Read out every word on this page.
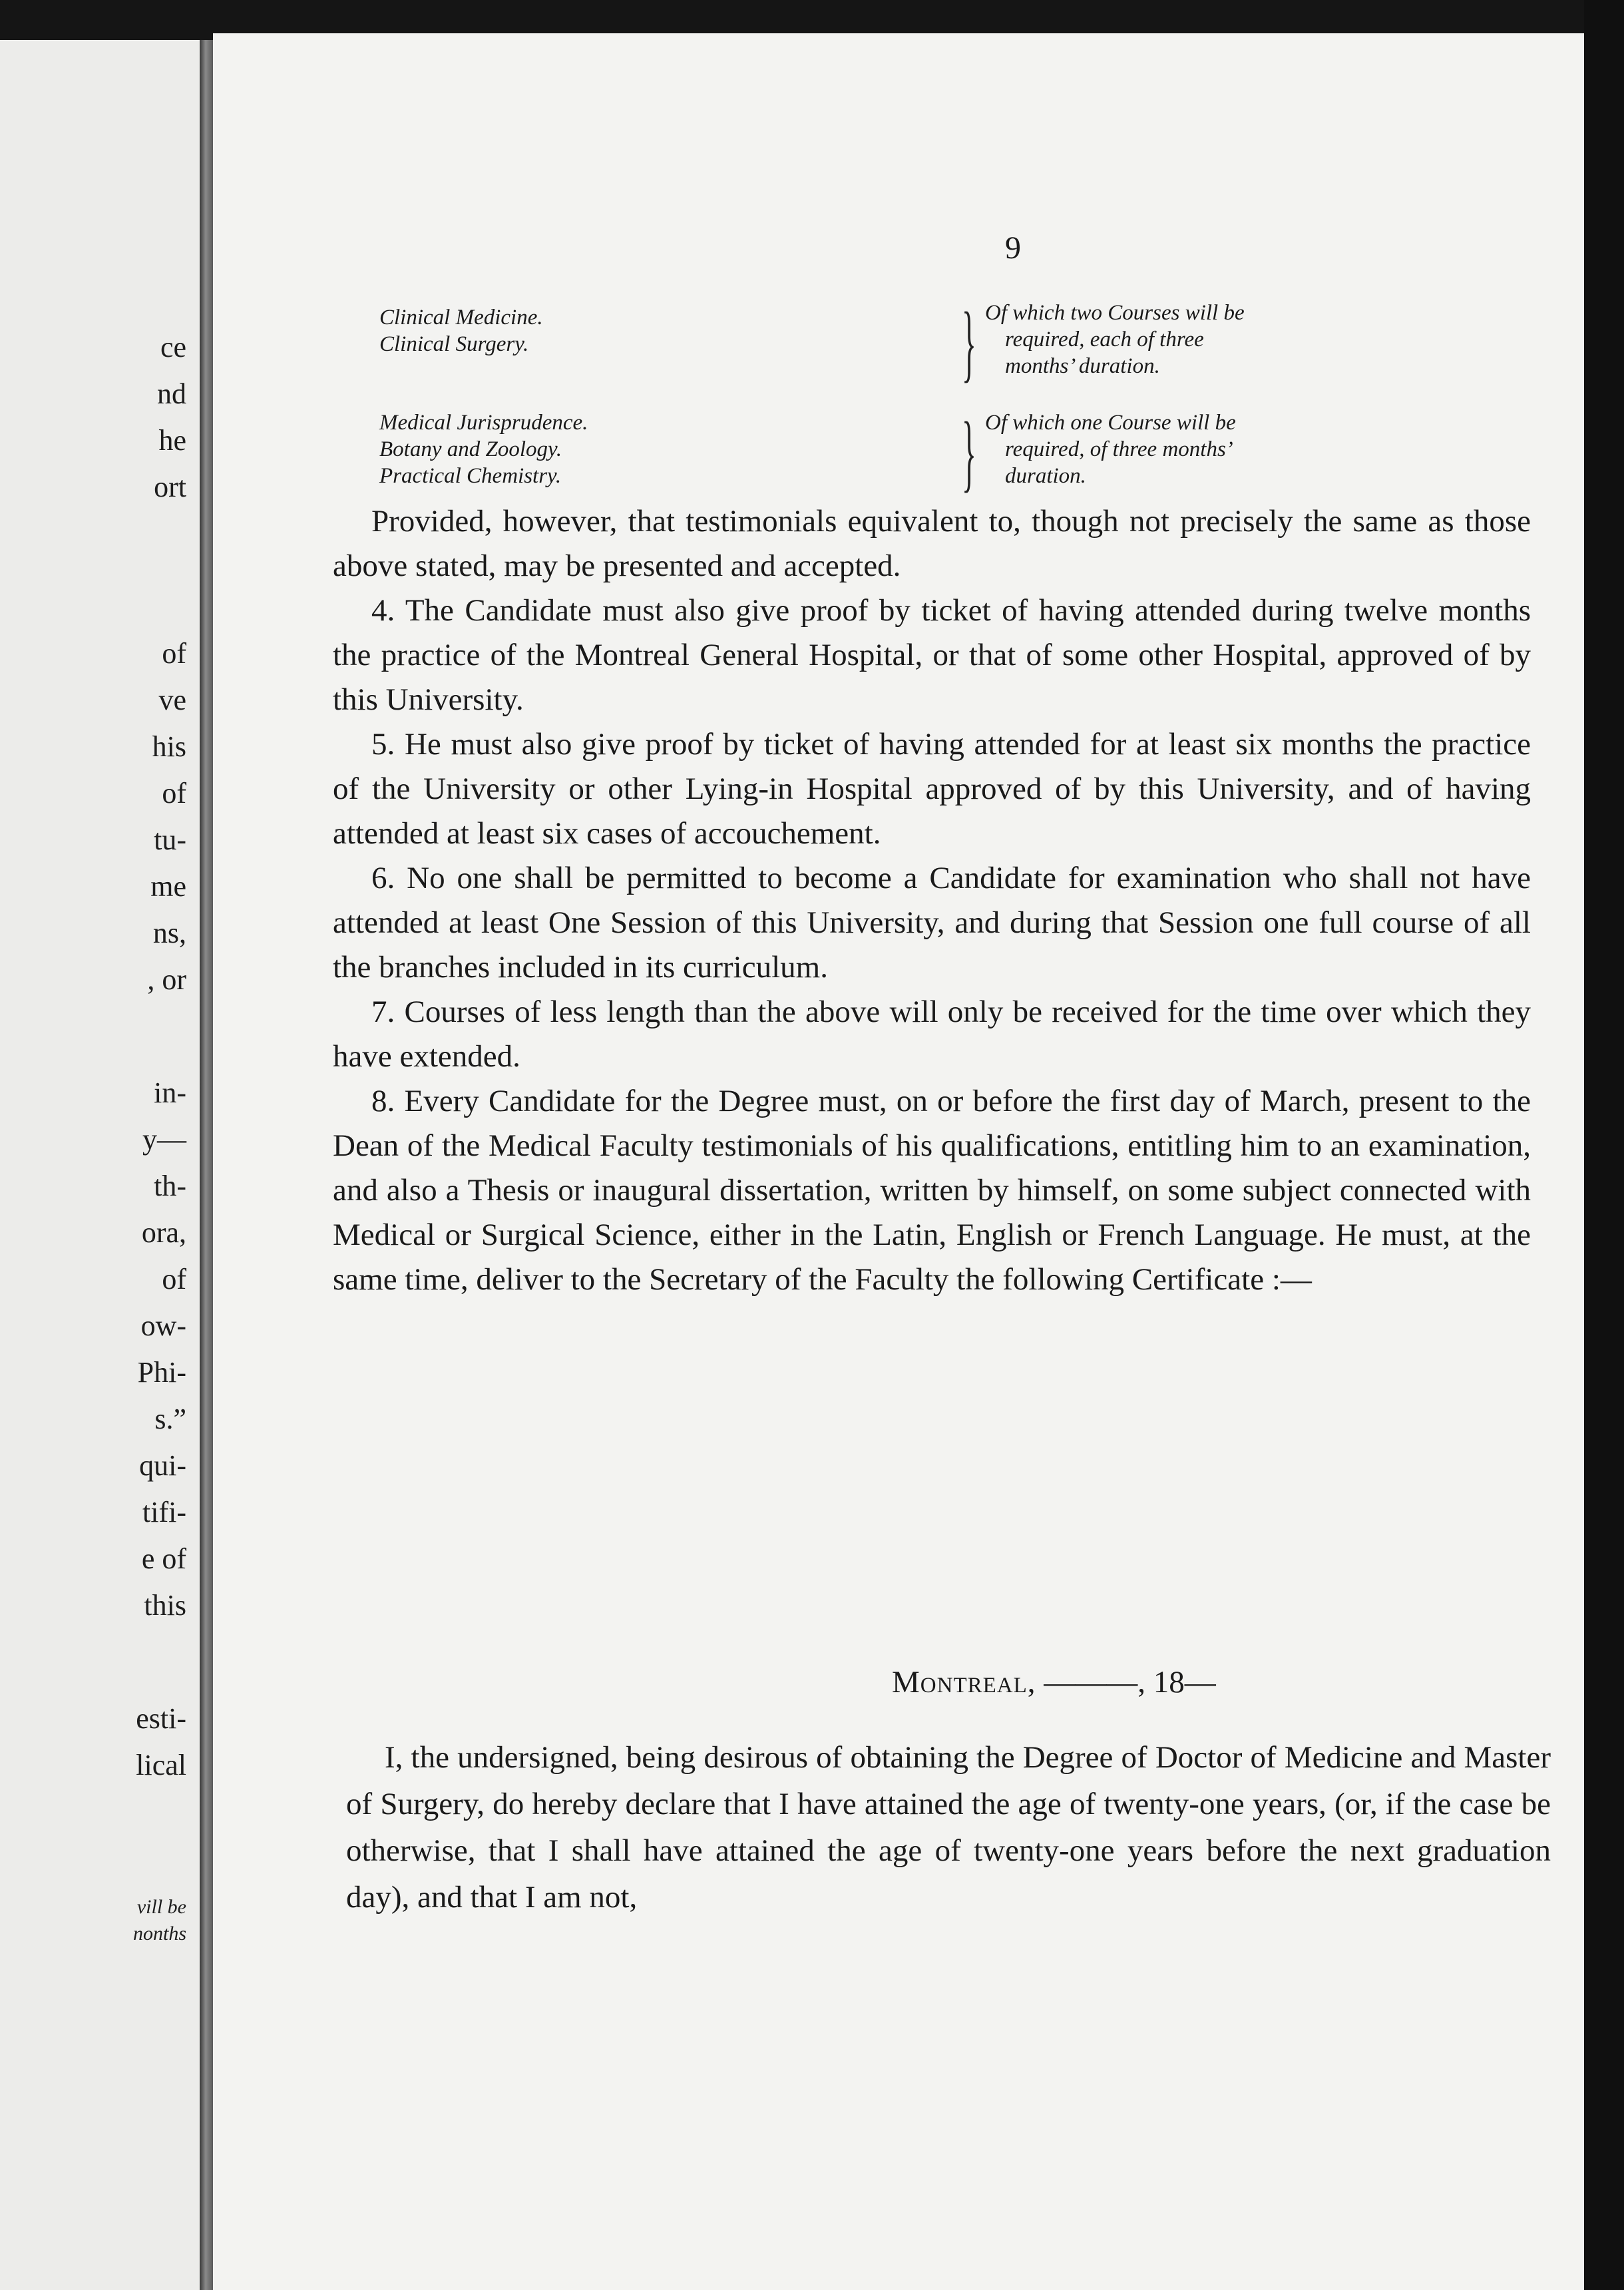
ce
nd
he
ort
of
ve
his
of
tu-
me
ns,
, or
in-
y—
th-
ora,
of
ow-
Phi-
s.”
qui-
tifi-
e of
this
esti-
lical
vill be
nonths
9
Clinical Medicine.
Clinical Surgery.	} Of which two Courses will be
required, each of three
months’ duration.
Medical Jurisprudence.
Botany and Zoology.
Practical Chemistry.	} Of which one Course will be
required, of three months’
duration.

Provided, however, that testimonials equivalent to, though not precisely the same as those above stated, may be presented and accepted.

4. The Candidate must also give proof by ticket of having attended during twelve months the practice of the Montreal General Hospital, or that of some other Hospital, approved of by this University.

5. He must also give proof by ticket of having attended for at least six months the practice of the University or other Lying-in Hospital approved of by this University, and of having attended at least six cases of accouchement.

6. No one shall be permitted to become a Candidate for examination who shall not have attended at least One Session of this University, and during that Session one full course of all the branches included in its curriculum.

7. Courses of less length than the above will only be received for the time over which they have extended.

8. Every Candidate for the Degree must, on or before the first day of March, present to the Dean of the Medical Faculty testimonials of his qualifications, entitling him to an examination, and also a Thesis or inaugural dissertation, written by himself, on some subject connected with Medical or Surgical Science, either in the Latin, English or French Language. He must, at the same time, deliver to the Secretary of the Faculty the following Certificate :—

Montreal, ———, 18—

I, the undersigned, being desirous of obtaining the Degree of Doctor of Medicine and Master of Surgery, do hereby declare that I have attained the age of twenty-one years, (or, if the case be otherwise, that I shall have attained the age of twenty-one years before the next graduation day), and that I am not,
